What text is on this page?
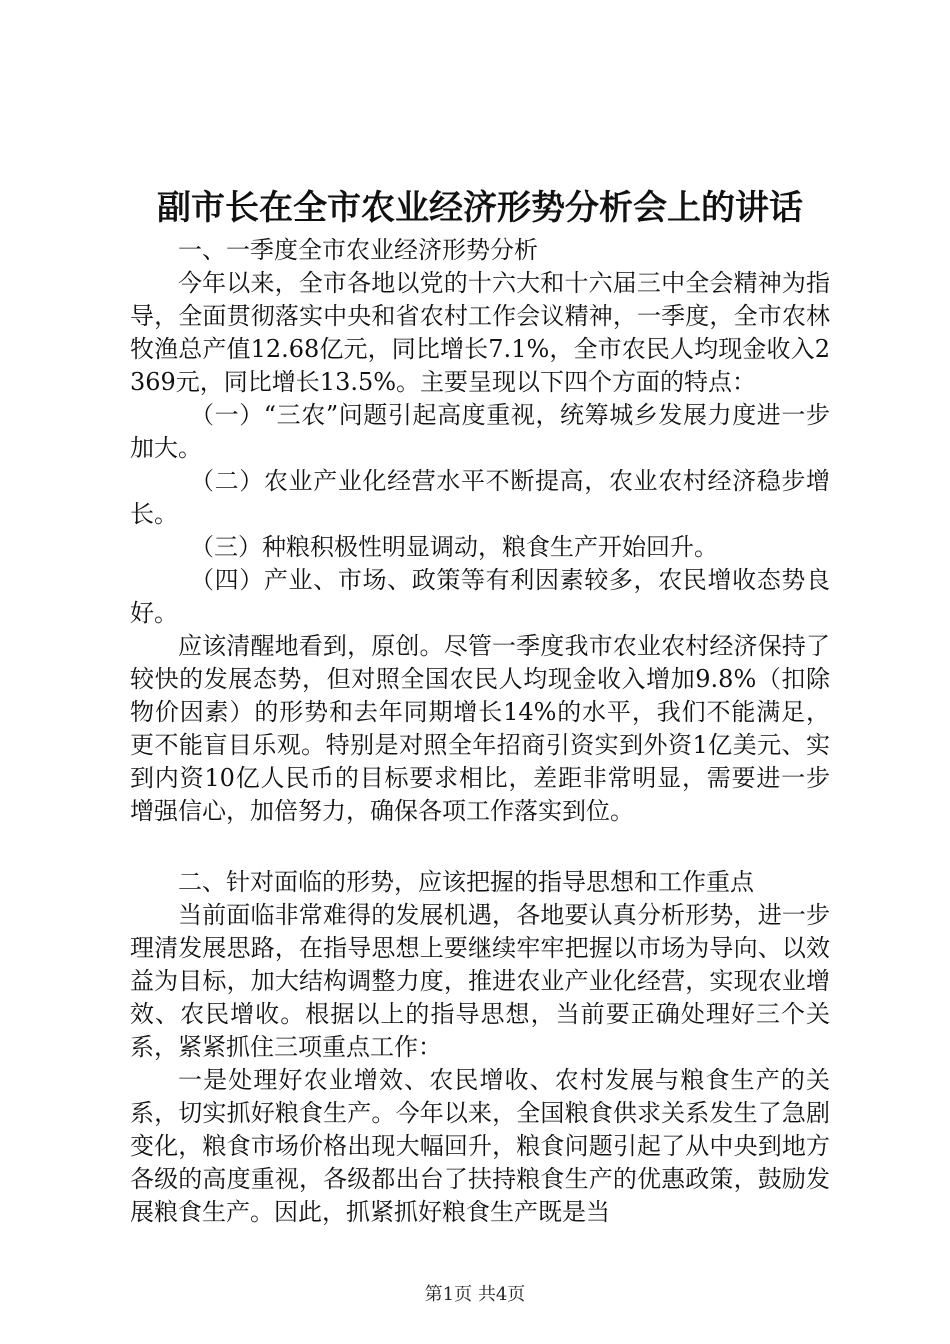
副市长在全市农业经济形势分析会上的讲话

一、一季度全市农业经济形势分析

今年以来，全市各地以党的十六大和十六届三中全会精神为指导，全面贯彻落实中央和省农村工作会议精神，一季度，全市农林牧渔总产值12.68亿元，同比增长7.1%，全市农民人均现金收入2369元，同比增长13.5%。主要呈现以下四个方面的特点：

（一）“三农”问题引起高度重视，统筹城乡发展力度进一步加大。

（二）农业产业化经营水平不断提高，农业农村经济稳步增长。

（三）种粮积极性明显调动，粮食生产开始回升。

（四）产业、市场、政策等有利因素较多，农民增收态势良好。

应该清醒地看到，原创。尽管一季度我市农业农村经济保持了较快的发展态势，但对照全国农民人均现金收入增加9.8%（扣除物价因素）的形势和去年同期增长14%的水平，我们不能满足，更不能盲目乐观。特别是对照全年招商引资实到外资1亿美元、实到内资10亿人民币的目标要求相比，差距非常明显，需要进一步增强信心，加倍努力，确保各项工作落实到位。

二、针对面临的形势，应该把握的指导思想和工作重点

当前面临非常难得的发展机遇，各地要认真分析形势，进一步理清发展思路，在指导思想上要继续牢牢把握以市场为导向、以效益为目标，加大结构调整力度，推进农业产业化经营，实现农业增效、农民增收。根据以上的指导思想，当前要正确处理好三个关系，紧紧抓住三项重点工作：

一是处理好农业增效、农民增收、农村发展与粮食生产的关系，切实抓好粮食生产。今年以来，全国粮食供求关系发生了急剧变化，粮食市场价格出现大幅回升，粮食问题引起了从中央到地方各级的高度重视，各级都出台了扶持粮食生产的优惠政策，鼓励发展粮食生产。因此，抓紧抓好粮食生产既是当

第1页 共4页
